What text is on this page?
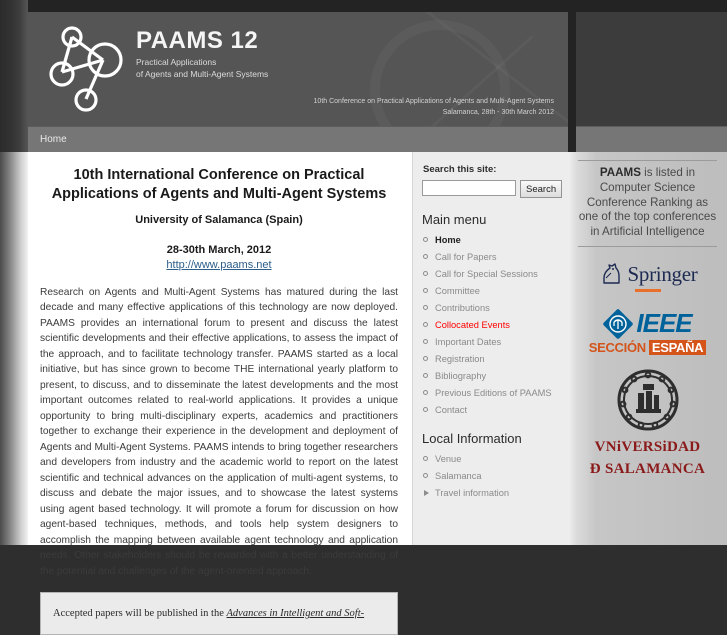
PAAMS 12
Practical Applications
of Agents and Multi-Agent Systems
10th Conference on Practical Applications of Agents and Multi-Agent Systems
Salamanca, 28th - 30th March 2012
Home
10th International Conference on Practical Applications of Agents and Multi-Agent Systems
University of Salamanca (Spain)
28-30th March, 2012
http://www.paams.net

Research on Agents and Multi-Agent Systems has matured during the last decade and many effective applications of this technology are now deployed. PAAMS provides an international forum to present and discuss the latest scientific developments and their effective applications, to assess the impact of the approach, and to facilitate technology transfer. PAAMS started as a local initiative, but has since grown to become THE international yearly platform to present, to discuss, and to disseminate the latest developments and the most important outcomes related to real-world applications. It provides a unique opportunity to bring multi-disciplinary experts, academics and practitioners together to exchange their experience in the development and deployment of Agents and Multi-Agent Systems. PAAMS intends to bring together researchers and developers from industry and the academic world to report on the latest scientific and technical advances on the application of multi-agent systems, to discuss and debate the major issues, and to showcase the latest systems using agent based technology. It will promote a forum for discussion on how agent-based techniques, methods, and tools help system designers to accomplish the mapping between available agent technology and application needs. Other stakeholders should be rewarded with a better understanding of the potential and challenges of the agent-oriented approach.

Accepted papers will be published in the Advances in Intelligent and Soft-
Search this site:
Search
Main menu
Home
Call for Papers
Call for Special Sessions
Committee
Contributions
Collocated Events
Important Dates
Registration
Bibliography
Previous Editions of PAAMS
Contact
Local Information
Venue
Salamanca
Travel information
PAAMS is listed in Computer Science Conference Ranking as one of the top conferences in Artificial Intelligence
Springer
IEEE
SECCIÓN ESPAÑA
VNiVERSiDAD
Ð SALAMANCA
